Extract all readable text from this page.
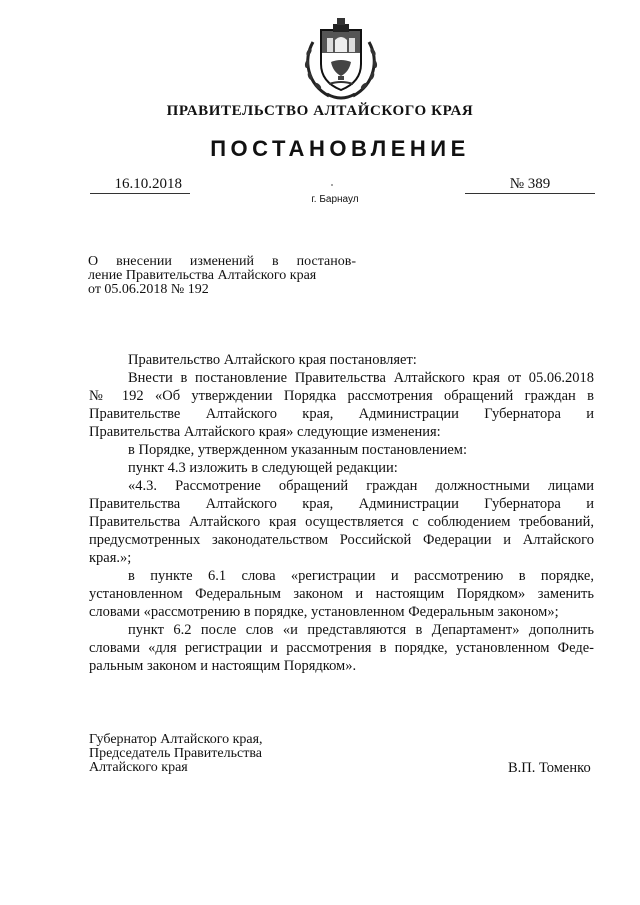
ПРАВИТЕЛЬСТВО АЛТАЙСКОГО КРАЯ
ПОСТАНОВЛЕНИЕ
16.10.2018	№ 389
г. Барнаул
О внесении изменений в постанов-
ление Правительства Алтайского края
от 05.06.2018 № 192
Правительство Алтайского края постановляет:
Внести в постановление Правительства Алтайского края от 05.06.2018
№ 192 «Об утверждении Порядка рассмотрения обращений граждан в
Правительстве Алтайского края, Администрации Губернатора и
Правительства Алтайского края» следующие изменения:
в Порядке, утвержденном указанным постановлением:
пункт 4.3 изложить в следующей редакции:
«4.3. Рассмотрение обращений граждан должностными лицами
Правительства Алтайского края, Администрации Губернатора и
Правительства Алтайского края осуществляется с соблюдением требований,
предусмотренных законодательством Российской Федерации и Алтайского
края.»;
в пункте 6.1 слова «регистрации и рассмотрению в порядке,
установленном Федеральным законом и настоящим Порядком» заменить
словами «рассмотрению в порядке, установленном Федеральным законом»;
пункт 6.2 после слов «и представляются в Департамент» дополнить
словами «для регистрации и рассмотрения в порядке, установленном Феде-
ральным законом и настоящим Порядком».
Губернатор Алтайского края,
Председатель Правительства
Алтайского края	В.П. Томенко
